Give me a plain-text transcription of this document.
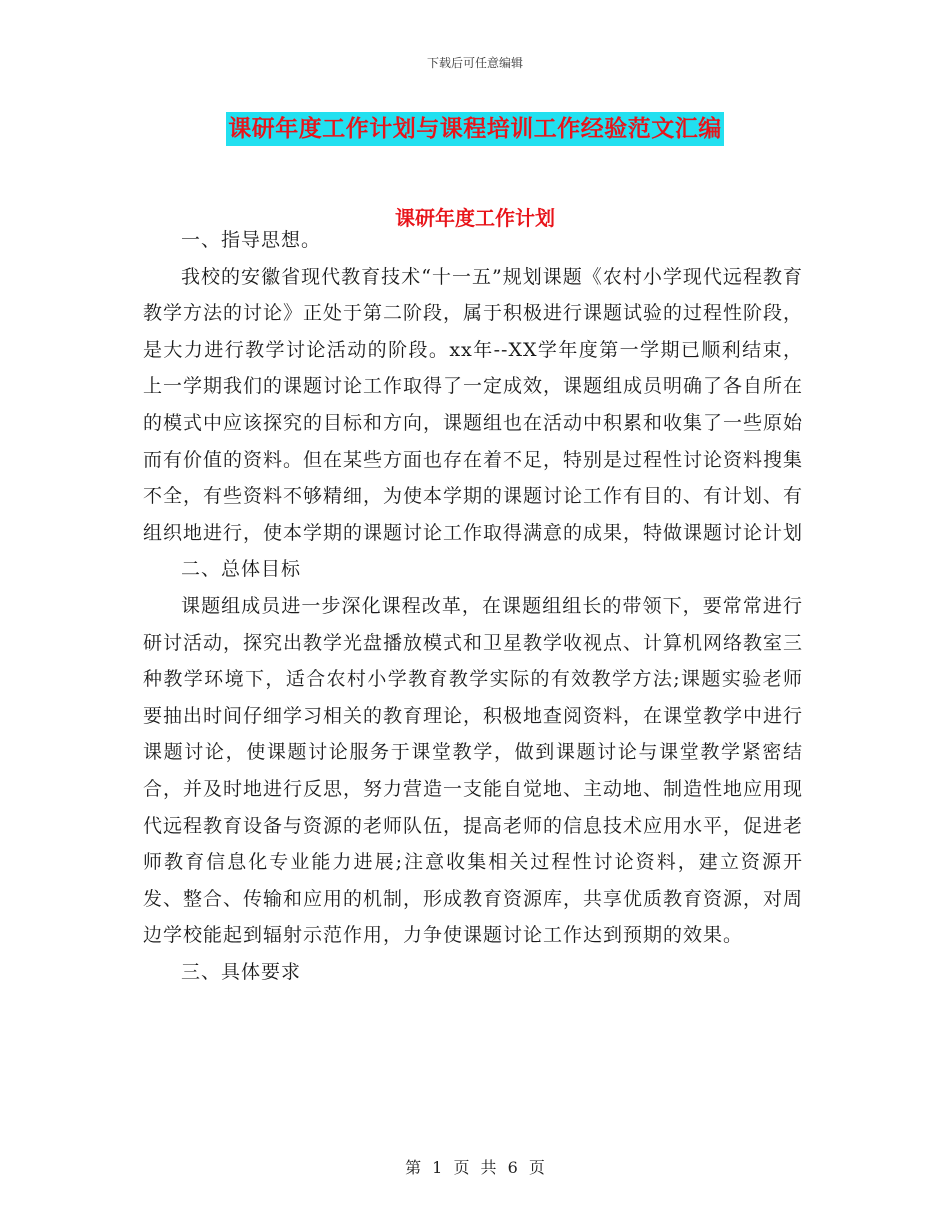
下载后可任意编辑
课研年度工作计划与课程培训工作经验范文汇编
课研年度工作计划

一、指导思想。

我校的安徽省现代教育技术“十一五”规划课题《农村小学现代远程教育教学方法的讨论》正处于第二阶段，属于积极进行课题试验的过程性阶段，是大力进行教学讨论活动的阶段。xx年--XX学年度第一学期已顺利结束，上一学期我们的课题讨论工作取得了一定成效，课题组成员明确了各自所在的模式中应该探究的目标和方向，课题组也在活动中积累和收集了一些原始而有价值的资料。但在某些方面也存在着不足，特别是过程性讨论资料搜集不全，有些资料不够精细，为使本学期的课题讨论工作有目的、有计划、有组织地进行，使本学期的课题讨论工作取得满意的成果，特做课题讨论计划

二、总体目标

课题组成员进一步深化课程改革，在课题组组长的带领下，要常常进行研讨活动，探究出教学光盘播放模式和卫星教学收视点、计算机网络教室三种教学环境下，适合农村小学教育教学实际的有效教学方法;课题实验老师要抽出时间仔细学习相关的教育理论，积极地查阅资料，在课堂教学中进行课题讨论，使课题讨论服务于课堂教学，做到课题讨论与课堂教学紧密结合，并及时地进行反思，努力营造一支能自觉地、主动地、制造性地应用现代远程教育设备与资源的老师队伍，提高老师的信息技术应用水平，促进老师教育信息化专业能力进展;注意收集相关过程性讨论资料，建立资源开发、整合、传输和应用的机制，形成教育资源库，共享优质教育资源，对周边学校能起到辐射示范作用，力争使课题讨论工作达到预期的效果。

三、具体要求

第 1 页 共 6 页
